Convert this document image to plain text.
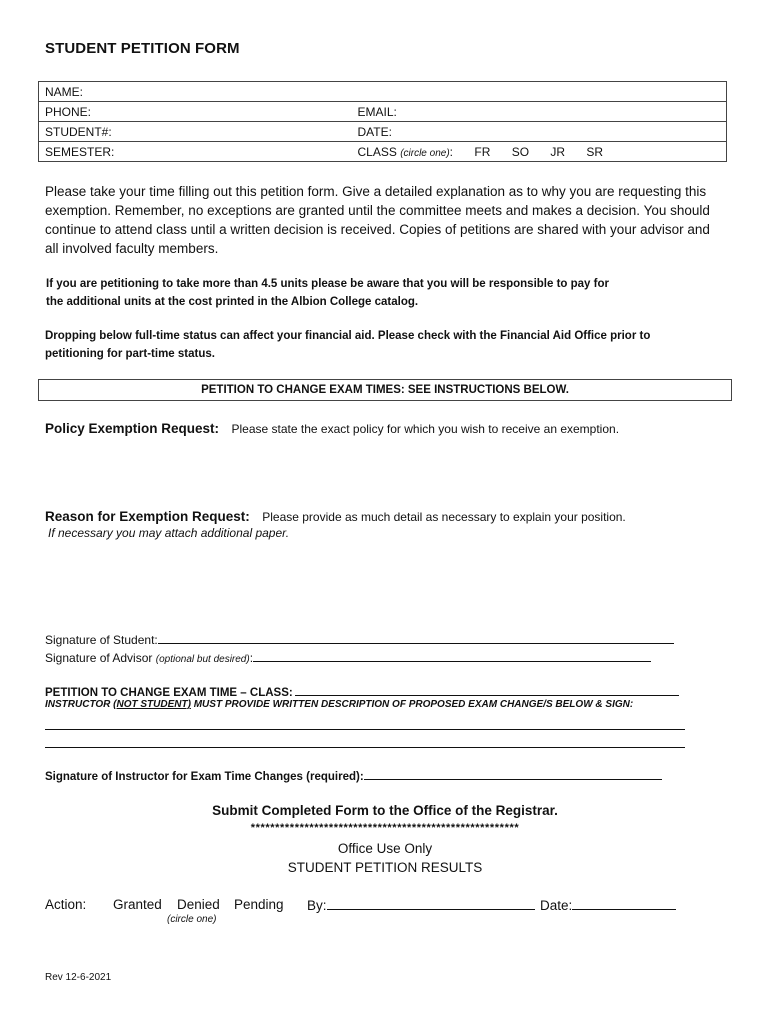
STUDENT PETITION FORM
NAME:	
PHONE:	EMAIL:
STUDENT#:	DATE:
SEMESTER:	CLASS (circle one): FR SO JR SR
Please take your time filling out this petition form. Give a detailed explanation as to why you are requesting this exemption. Remember, no exceptions are granted until the committee meets and makes a decision. You should continue to attend class until a written decision is received. Copies of petitions are shared with your advisor and all involved faculty members.
If you are petitioning to take more than 4.5 units please be aware that you will be responsible to pay for the additional units at the cost printed in the Albion College catalog.
Dropping below full-time status can affect your financial aid. Please check with the Financial Aid Office prior to petitioning for part-time status.
PETITION TO CHANGE EXAM TIMES: SEE INSTRUCTIONS BELOW.
Policy Exemption Request: Please state the exact policy for which you wish to receive an exemption.
Reason for Exemption Request: Please provide as much detail as necessary to explain your position.
If necessary you may attach additional paper.
Signature of Student:
Signature of Advisor (optional but desired):
PETITION TO CHANGE EXAM TIME – CLASS:
INSTRUCTOR (NOT STUDENT) MUST PROVIDE WRITTEN DESCRIPTION OF PROPOSED EXAM CHANGE/S BELOW & SIGN:
Signature of Instructor for Exam Time Changes (required):
Submit Completed Form to the Office of the Registrar.
*******************************************************
Office Use Only
STUDENT PETITION RESULTS
Action: Granted Denied Pending
(circle one)
By:	Date:
Rev 12-6-2021
